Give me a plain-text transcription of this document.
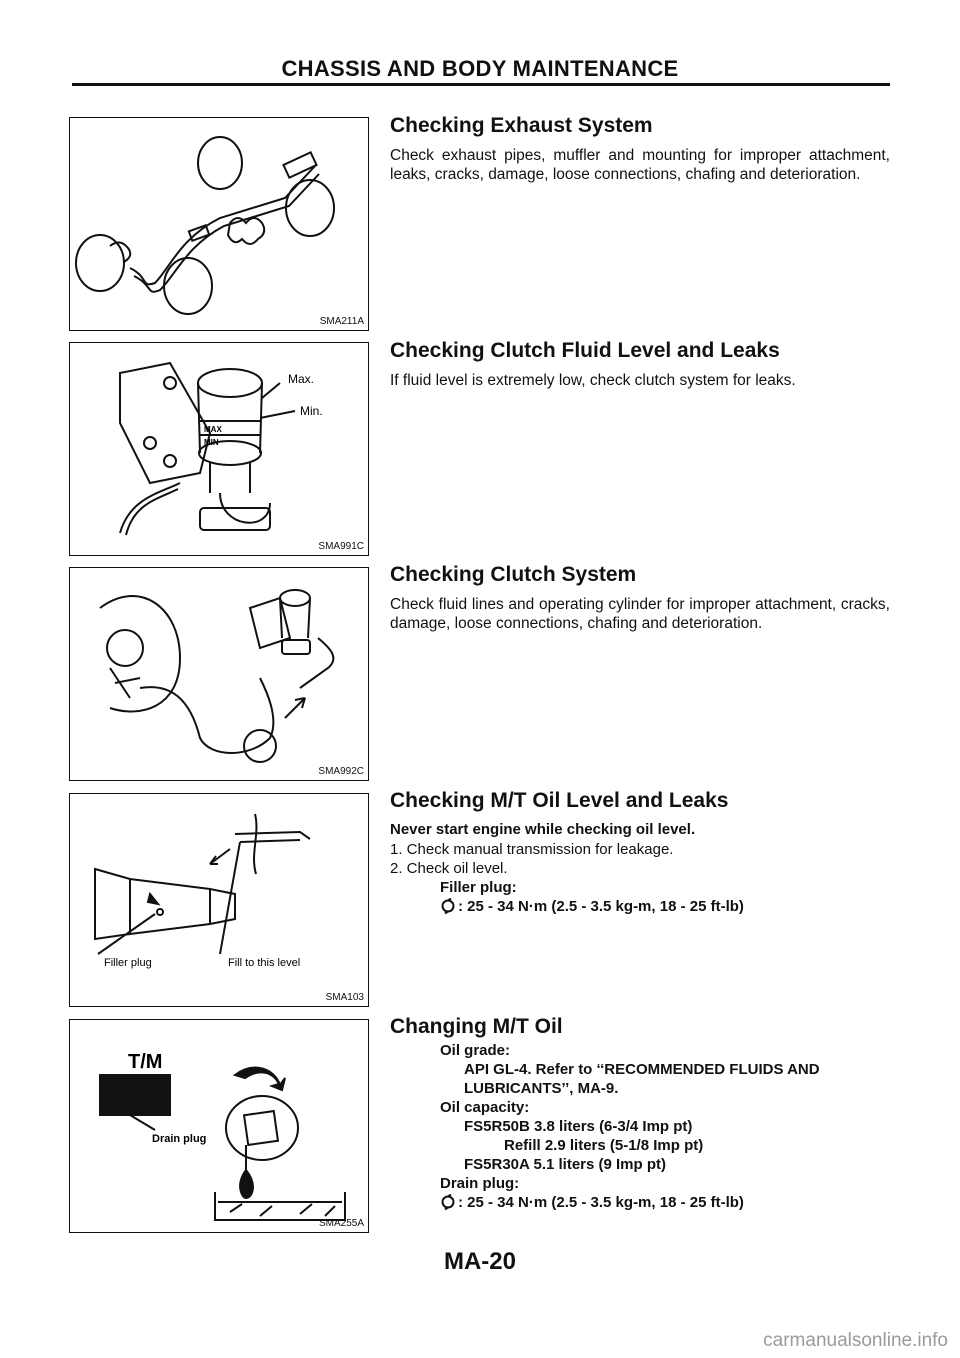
CHASSIS AND BODY MAINTENANCE
SMA211A
Checking Exhaust System

Check exhaust pipes, muffler and mounting for improper attachment, leaks, cracks, damage, loose connections, chafing and deterioration.

Max.
Min.
MAX
MIN
SMA991C
Checking Clutch Fluid Level and Leaks

If fluid level is extremely low, check clutch system for leaks.

SMA992C
Checking Clutch System

Check fluid lines and operating cylinder for improper attachment, cracks, damage, loose connections, chafing and deterioration.

Filler plug	Fill to this level
SMA103
Checking M/T Oil Level and Leaks
Never start engine while checking oil level.
1. Check manual transmission for leakage.
2. Check oil level.
Filler plug:
: 25 - 34 N·m (2.5 - 3.5 kg-m, 18 - 25 ft-lb)
T/M
Drain plug
SMA255A
Changing M/T Oil
Oil grade:
API GL-4. Refer to ‘‘RECOMMENDED FLUIDS AND
LUBRICANTS’’, MA-9.
Oil capacity:
FS5R50B 3.8 liters (6-3/4 Imp pt)
Refill 2.9 liters (5-1/8 Imp pt)
FS5R30A 5.1 liters (9 Imp pt)
Drain plug:
: 25 - 34 N·m (2.5 - 3.5 kg-m, 18 - 25 ft-lb)
MA-20
carmanualsonline.info
